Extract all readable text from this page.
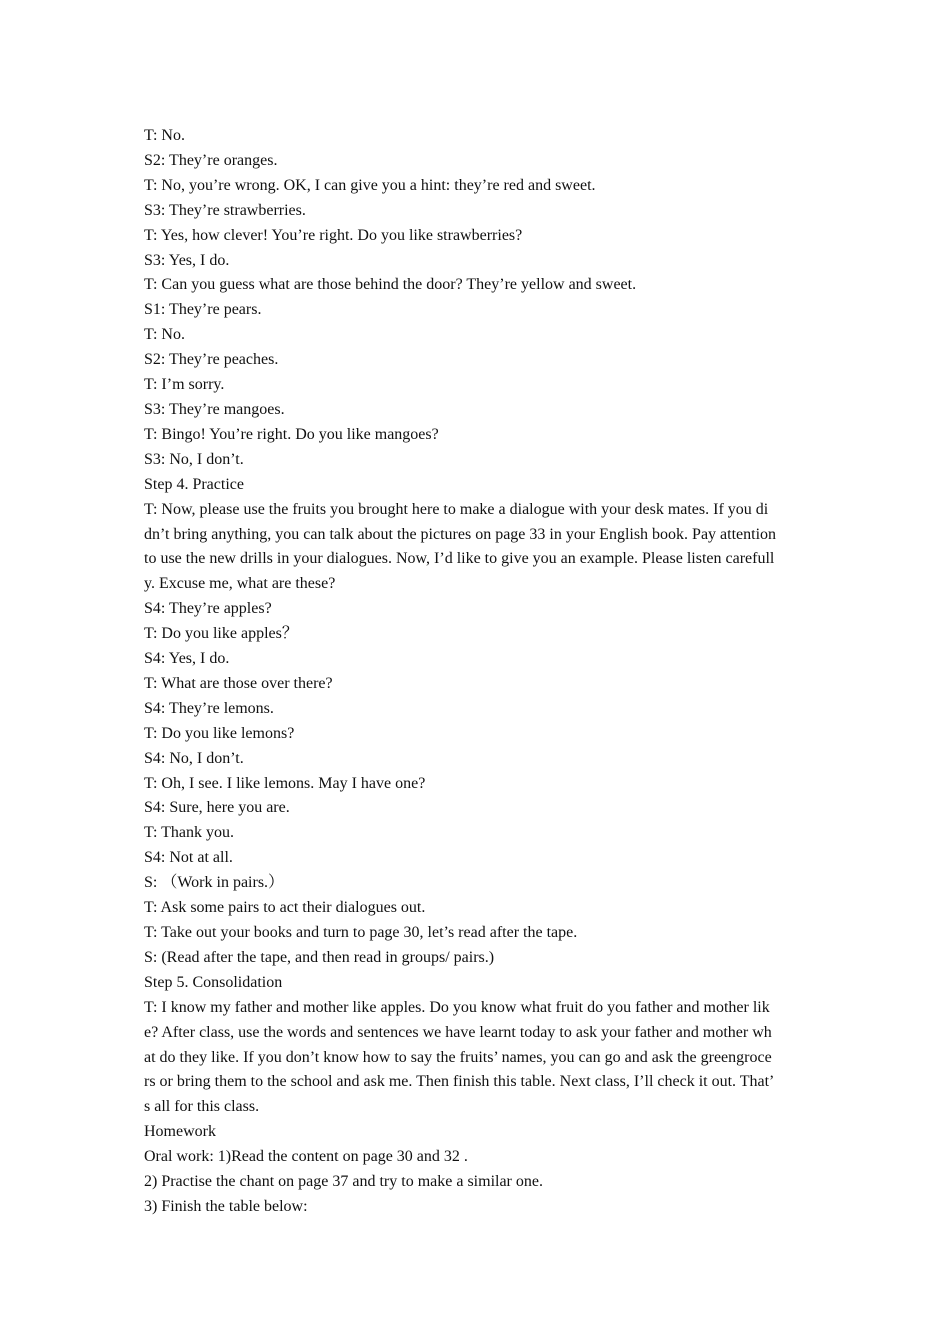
T: No.
S2: They’re oranges.
T: No, you’re wrong. OK, I can give you a hint: they’re red and sweet.
S3: They’re strawberries.
T: Yes, how clever! You’re right. Do you like strawberries?
S3: Yes, I do.
T: Can you guess what are those behind the door? They’re yellow and sweet.
S1: They’re pears.
T: No.
S2: They’re peaches.
T: I’m sorry.
S3: They’re mangoes.
T: Bingo! You’re right. Do you like mangoes?
S3: No, I don’t.
Step 4. Practice
T: Now, please use the fruits you brought here to make a dialogue with your desk mates. If you di
dn’t bring anything, you can talk about the pictures on page 33 in your English book. Pay attention
to use the new drills in your dialogues. Now, I’d like to give you an example. Please listen carefull
y. Excuse me, what are these?
S4: They’re apples?
T: Do you like apples？
S4: Yes, I do.
T: What are those over there?
S4: They’re lemons.
T: Do you like lemons?
S4: No, I don’t.
T: Oh, I see. I like lemons. May I have one?
S4: Sure, here you are.
T: Thank you.
S4: Not at all.
S: （Work in pairs.）
T: Ask some pairs to act their dialogues out.
T: Take out your books and turn to page 30, let’s read after the tape.
S: (Read after the tape, and then read in groups/ pairs.)
Step 5. Consolidation
T: I know my father and mother like apples. Do you know what fruit do you father and mother lik
e? After class, use the words and sentences we have learnt today to ask your father and mother wh
at do they like. If you don’t know how to say the fruits’ names, you can go and ask the greengroce
rs or bring them to the school and ask me. Then finish this table. Next class, I’ll check it out. That’
s all for this class.
Homework
Oral work: 1)Read the content on page 30 and 32 .
2) Practise the chant on page 37 and try to make a similar one.
3) Finish the table below:
